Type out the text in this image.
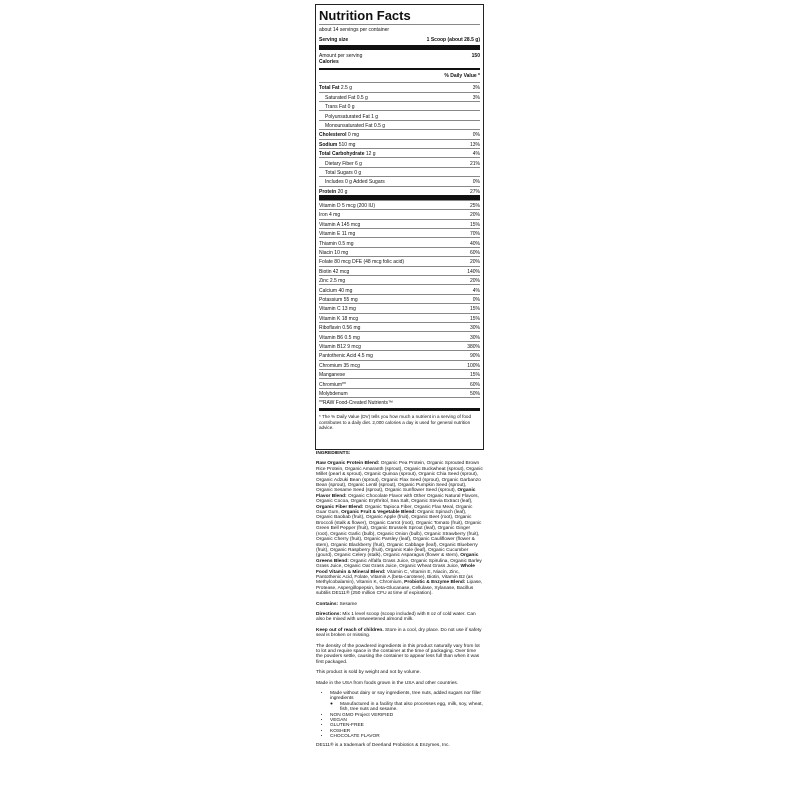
Nutrition Facts
about 14 servings per container
Serving size	1 Scoop (about 28.5 g)
Amount per serving
Calories
150
% Daily Value *
Total Fat 2.5 g	3%
Saturated Fat 0.5 g	3%
Trans Fat 0 g
Polyunsaturated Fat 1 g
Monounsaturated Fat 0.5 g
Cholesterol 0 mg	0%
Sodium 510 mg	13%
Total Carbohydrate 12 g	4%
Dietary Fiber 6 g	21%
Total Sugars 0 g
Includes 0 g Added Sugars	0%
Protein 20 g	27%
Vitamin D 5 mcg (200 IU)	25%
Iron 4 mg	20%
Vitamin A 145 mcg	15%
Vitamin E 11 mg	70%
Thiamin 0.5 mg	40%
Niacin 10 mg	60%
Folate 80 mcg DFE (48 mcg folic acid)	20%
Biotin 42 mcg	140%
Zinc 2.5 mg	20%
Calcium 40 mg	4%
Potassium 55 mg	0%
Vitamin C 13 mg	15%
Vitamin K 18 mcg	15%
Riboflavin 0.56 mg	30%
Vitamin B6 0.5 mg	30%
Vitamin B12 9 mcg	380%
Pantothenic Acid 4.5 mg	90%
Chromium 35 mcg	100%
Manganese	15%
Chromium**	60%
Molybdenum	50%
**RAW Food-Created Nutrients™
* The % Daily Value (DV) tells you how much a nutrient in a serving of food contributes to a daily diet. 2,000 calories a day is used for general nutrition advice.

INGREDIENTS:

Raw Organic Protein Blend: Organic Pea Protein, Organic Sprouted Brown Rice Protein, Organic Amaranth (sprout), Organic Buckwheat (sprout), Organic Millet (pearl & sprout), Organic Quinoa (sprout), Organic Chia Seed (sprout), Organic Adzuki Bean (sprout), Organic Flax Seed (sprout), Organic Garbanzo Bean (sprout), Organic Lentil (sprout), Organic Pumpkin Seed (sprout), Organic Sesame Seed (sprout), Organic Sunflower Seed (sprout), Organic Flavor Blend: Organic Chocolate Flavor with Other Organic Natural Flavors, Organic Cocoa, Organic Erythritol, Sea Salt, Organic Stevia Extract (leaf), Organic Fiber Blend: Organic Tapioca Fiber, Organic Flax Meal, Organic Guar Gum, Organic Fruit & Vegetable Blend: Organic Spinach (leaf), Organic Baobab (fruit), Organic Apple (fruit), Organic Beet (root), Organic Broccoli (stalk & flower), Organic Carrot (root), Organic Tomato (fruit), Organic Green Bell Pepper (fruit), Organic Brussels Sprout (leaf), Organic Ginger (root), Organic Garlic (bulb), Organic Onion (bulb), Organic Strawberry (fruit), Organic Cherry (fruit), Organic Parsley (leaf), Organic Cauliflower (flower & stem), Organic Blackberry (fruit), Organic Cabbage (leaf), Organic Blueberry (fruit), Organic Raspberry (fruit), Organic Kale (leaf), Organic Cucumber (gourd), Organic Celery (stalk), Organic Asparagus (flower & stem), Organic Greens Blend: Organic Alfalfa Grass Juice, Organic Spirulina, Organic Barley Grass Juice, Organic Oat Grass Juice, Organic Wheat Grass Juice, Whole Food Vitamin & Mineral Blend: Vitamin C, Vitamin E, Niacin, Zinc, Pantothenic Acid, Folate, Vitamin A (beta-carotene), Biotin, Vitamin B2 (as Methylcobalamin), Vitamin K, Chromium, Probiotic & Enzyme Blend: Lipase, Protease, Aspergillopepsin, beta-Glucanase, Cellulase, Xylanase, Bacillus subtilis DE111® (250 million CFU at time of expiration).

Contains: Sesame

Directions: Mix 1 level scoop (scoop included) with 8 oz of cold water. Can also be mixed with unsweetened almond milk.

Keep out of reach of children. Store in a cool, dry place. Do not use if safety seal is broken or missing.

The density of the powdered ingredients in this product naturally vary from lot to lot and require space in the container at the time of packaging. Over time the powders settle, causing the container to appear less full than when it was first packaged.

This product is sold by weight and not by volume.

Made in the USA from foods grown in the USA and other countries.

• Made without dairy or soy ingredients, tree nuts, added sugars nor filler ingredients
◦ Manufactured in a facility that also processes egg, milk, soy, wheat, fish, tree nuts and sesame.
• NON GMO Project VERIFIED
• VEGAN
• GLUTEN-FREE
• KOSHER
• CHOCOLATE FLAVOR

DE111® is a trademark of Deerland Probiotics & Enzymes, Inc.
